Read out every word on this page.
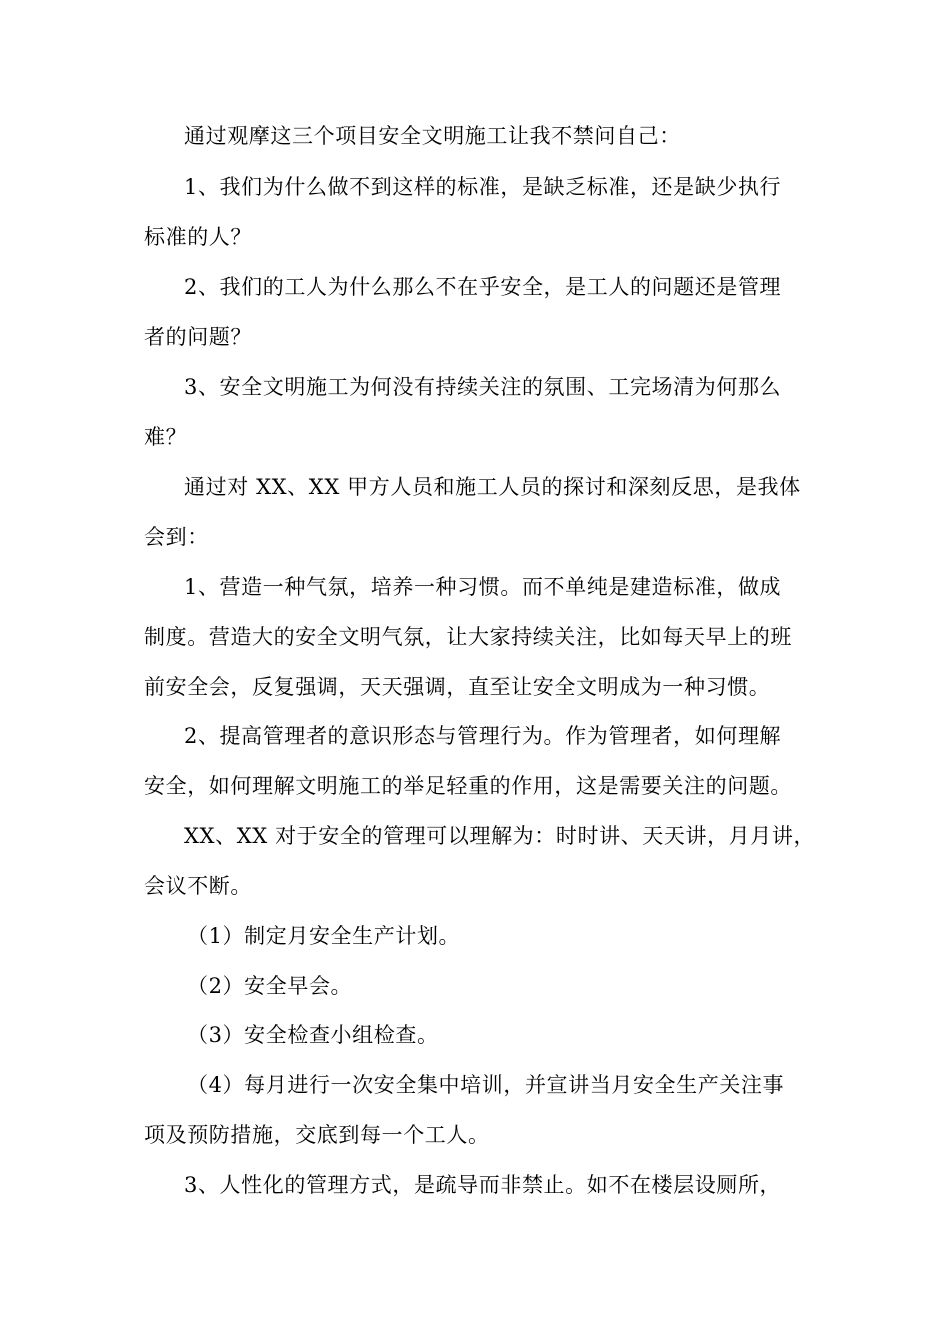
通过观摩这三个项目安全文明施工让我不禁问自己：
1、我们为什么做不到这样的标准，是缺乏标准，还是缺少执行
标准的人？
2、我们的工人为什么那么不在乎安全，是工人的问题还是管理
者的问题？
3、安全文明施工为何没有持续关注的氛围、工完场清为何那么
难？
通过对 XX、XX 甲方人员和施工人员的探讨和深刻反思，是我体
会到：
1、营造一种气氛，培养一种习惯。而不单纯是建造标准，做成
制度。营造大的安全文明气氛，让大家持续关注，比如每天早上的班
前安全会，反复强调，天天强调，直至让安全文明成为一种习惯。
2、提高管理者的意识形态与管理行为。作为管理者，如何理解
安全，如何理解文明施工的举足轻重的作用，这是需要关注的问题。
XX、XX 对于安全的管理可以理解为：时时讲、天天讲，月月讲，
会议不断。
（1）制定月安全生产计划。
（2）安全早会。
（3）安全检查小组检查。
（4）每月进行一次安全集中培训，并宣讲当月安全生产关注事
项及预防措施，交底到每一个工人。
3、人性化的管理方式，是疏导而非禁止。如不在楼层设厕所，
